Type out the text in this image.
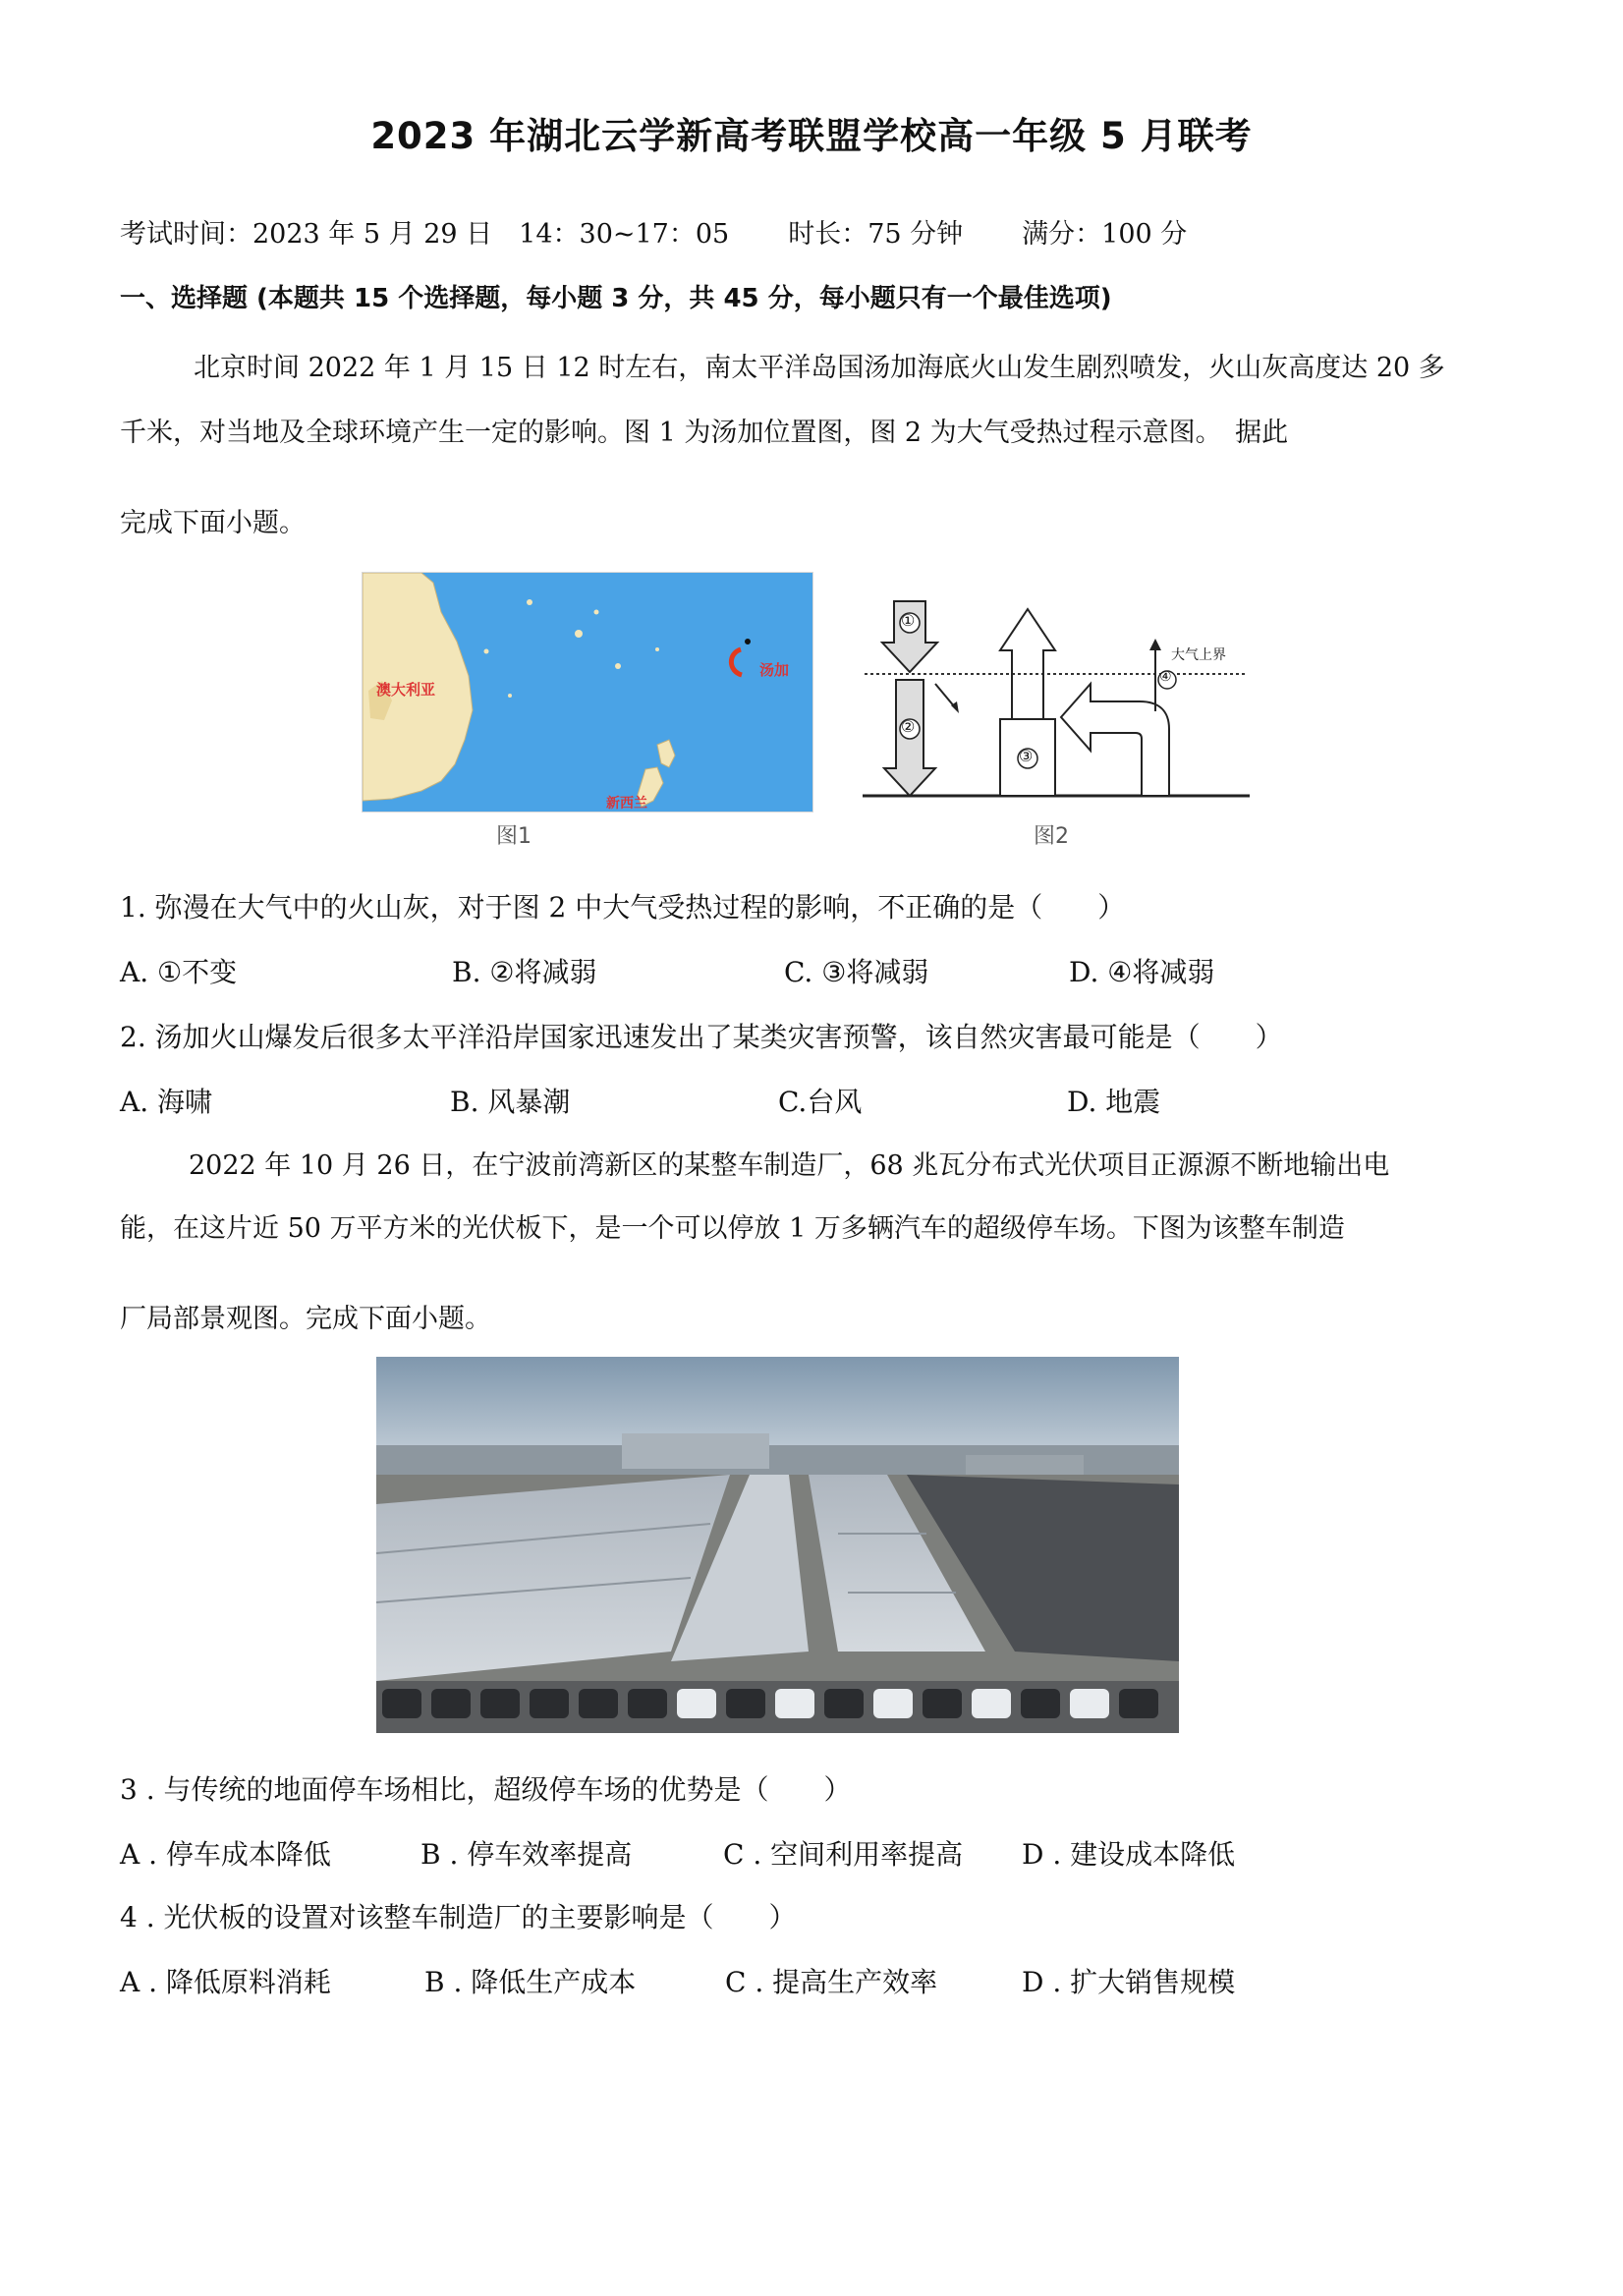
2023 年湖北云学新高考联盟学校高一年级 5 月联考
考试时间：2023 年 5 月 29 日　14：30~17：05 时长：75 分钟 满分：100 分
一、选择题 (本题共 15 个选择题，每小题 3 分，共 45 分，每小题只有一个最佳选项)
北京时间 2022 年 1 月 15 日 12 时左右，南太平洋岛国汤加海底火山发生剧烈喷发，火山灰高度达 20 多
千米，对当地及全球环境产生一定的影响。图 1 为汤加位置图，图 2 为大气受热过程示意图。　据此
完成下面小题。
澳大利亚
汤加
新西兰
图1
①
②
③
④
大气上界
图2
1. 弥漫在大气中的火山灰，对于图 2 中大气受热过程的影响，不正确的是（　　）
A. ①不变	B. ②将减弱	C. ③将减弱	D. ④将减弱
2. 汤加火山爆发后很多太平洋沿岸国家迅速发出了某类灾害预警，该自然灾害最可能是（　　）
A. 海啸	B. 风暴潮	C.台风	D. 地震
2022 年 10 月 26 日，在宁波前湾新区的某整车制造厂，68 兆瓦分布式光伏项目正源源不断地输出电
能，在这片近 50 万平方米的光伏板下，是一个可以停放 1 万多辆汽车的超级停车场。下图为该整车制造
厂局部景观图。完成下面小题。
3 . 与传统的地面停车场相比，超级停车场的优势是（　　）
A . 停车成本降低	B . 停车效率提高	C . 空间利用率提高 D . 建设成本降低
4 . 光伏板的设置对该整车制造厂的主要影响是（　　）
A . 降低原料消耗	B . 降低生产成本	C . 提高生产效率	D . 扩大销售规模
